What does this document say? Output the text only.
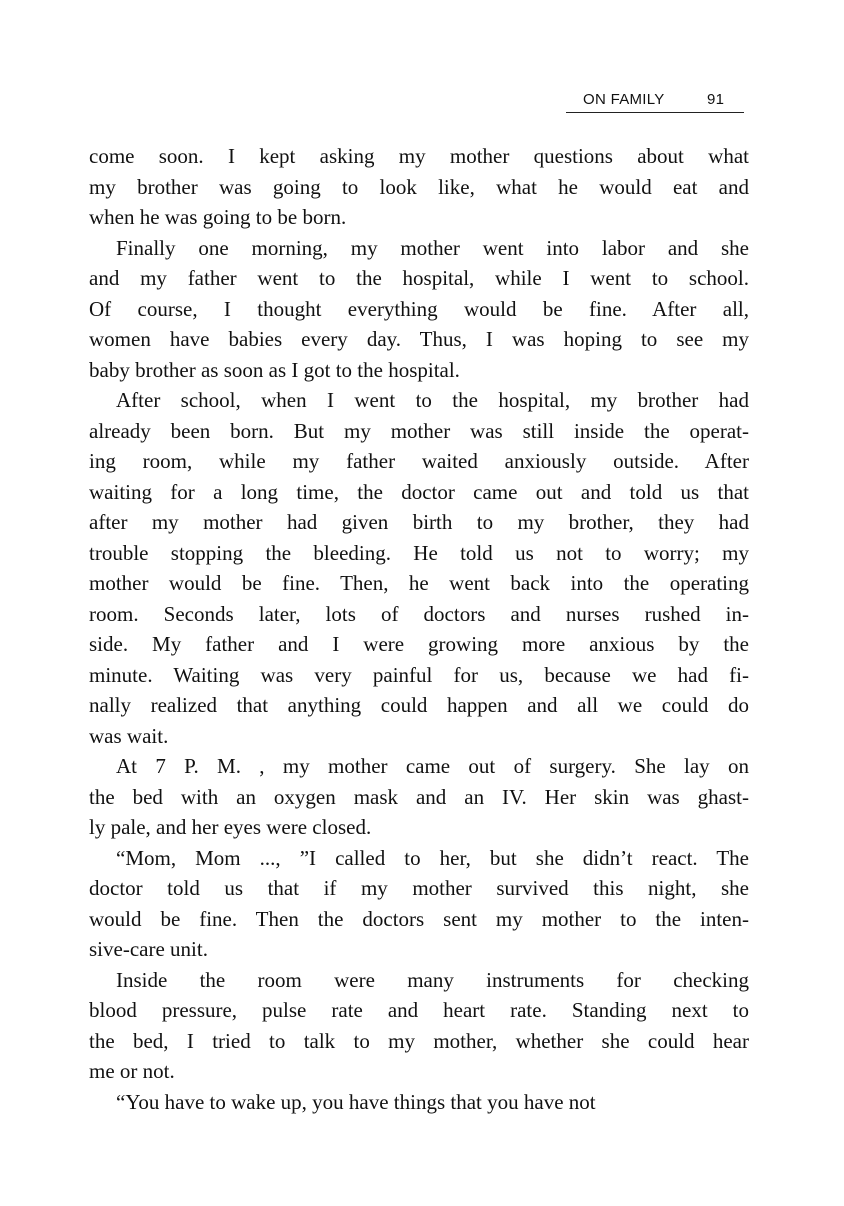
ON FAMILY	91
come soon. I kept asking my mother questions about what
my brother was going to look like, what he would eat and
when he was going to be born.
Finally one morning, my mother went into labor and she
and my father went to the hospital, while I went to school.
Of course, I thought everything would be fine. After all,
women have babies every day. Thus, I was hoping to see my
baby brother as soon as I got to the hospital.
After school, when I went to the hospital, my brother had
already been born. But my mother was still inside the operat-
ing room, while my father waited anxiously outside. After
waiting for a long time, the doctor came out and told us that
after my mother had given birth to my brother, they had
trouble stopping the bleeding. He told us not to worry; my
mother would be fine. Then, he went back into the operating
room. Seconds later, lots of doctors and nurses rushed in-
side. My father and I were growing more anxious by the
minute. Waiting was very painful for us, because we had fi-
nally realized that anything could happen and all we could do
was wait.
At 7 P. M. , my mother came out of surgery. She lay on
the bed with an oxygen mask and an IV. Her skin was ghast-
ly pale, and her eyes were closed.
“Mom, Mom ..., ”I called to her, but she didn’t react. The
doctor told us that if my mother survived this night, she
would be fine. Then the doctors sent my mother to the inten-
sive-care unit.
Inside the room were many instruments for checking
blood pressure, pulse rate and heart rate. Standing next to
the bed, I tried to talk to my mother, whether she could hear
me or not.
“You have to wake up, you have things that you have not
